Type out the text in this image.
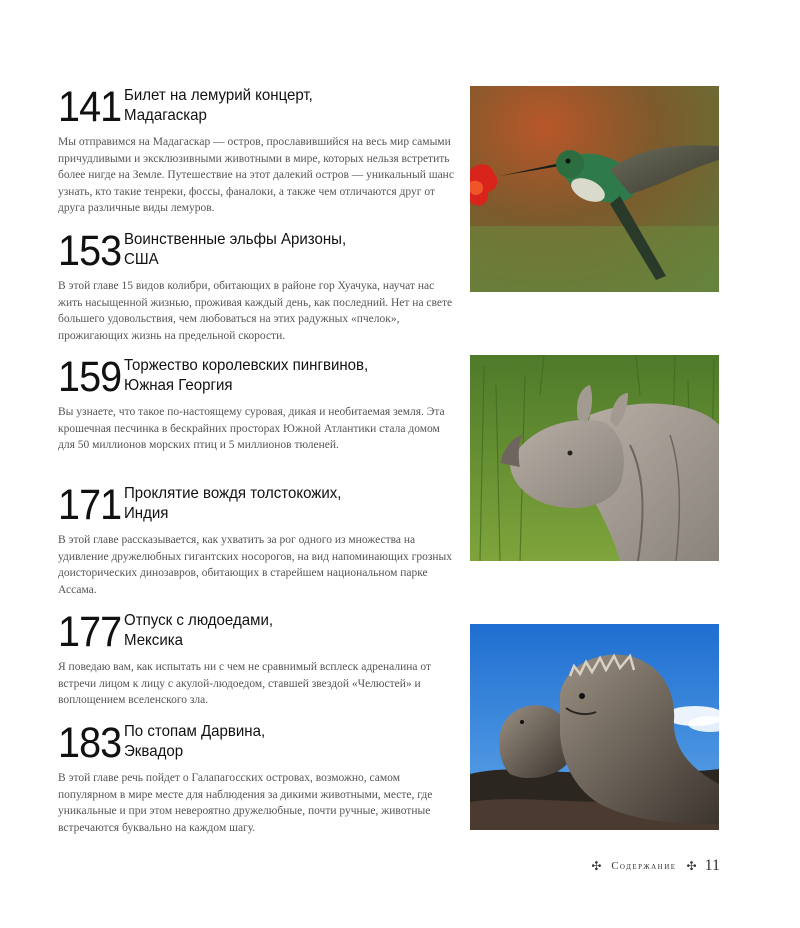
141 Билет на лемурий концерт,
Мадагаскар
Мы отправимся на Мадагаскар — остров, прославившийся на весь мир самыми причудливыми и эксклюзивными животными в мире, которых нельзя встретить более нигде на Земле. Путешествие на этот далекий остров — уникальный шанс узнать, кто такие тенреки, фоссы, фаналоки, а также чем отличаются друг от друга различные виды лемуров.
153 Воинственные эльфы Аризоны,
США
В этой главе 15 видов колибри, обитающих в районе гор Хуачука, научат нас жить насыщенной жизнью, проживая каждый день, как последний. Нет на свете большего удовольствия, чем любоваться на этих радужных «пчелок», прожигающих жизнь на предельной скорости.
159 Торжество королевских пингвинов,
Южная Георгия
Вы узнаете, что такое по-настоящему суровая, дикая и необитаемая земля. Эта крошечная песчинка в бескрайних просторах Южной Атлантики стала домом для 50 миллионов морских птиц и 5 миллионов тюленей.
171 Проклятие вождя толстокожих,
Индия
В этой главе рассказывается, как ухватить за рог одного из множества на удивление дружелюбных гигантских носорогов, на вид напоминающих грозных доисторических динозавров, обитающих в старейшем национальном парке Ассама.
177 Отпуск с людоедами,
Мексика
Я поведаю вам, как испытать ни с чем не сравнимый всплеск адреналина от встречи лицом к лицу с акулой-людоедом, ставшей звездой «Челюстей» и воплощением вселенского зла.
183 По стопам Дарвина,
Эквадор
В этой главе речь пойдет о Галапагосских островах, возможно, самом популярном в мире месте для наблюдения за дикими животными, месте, где уникальные и при этом невероятно дружелюбные, почти ручные, животные встречаются буквально на каждом шагу.
✣ Содержание ✣ 11
